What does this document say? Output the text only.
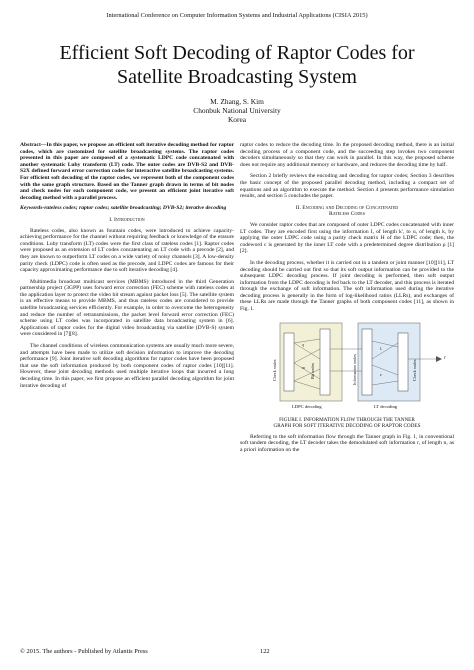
International Conference on Computer Information Systems and Industrial Applications (CISIA 2015)
Efficient Soft Decoding of Raptor Codes for
Satellite Broadcasting System
M. Zhang, S. Kim
Chonbuk National University
Korea

Abstract—In this paper, we propose an efficient soft iterative decoding method for raptor codes, which are customized for satellite broadcasting systems. The raptor codes presented in this paper are composed of a systematic LDPC code concatenated with another systematic Luby transform (LT) code. The outer codes are DVB-S2 and DVB-S2X defined forward error correction codes for interactive satellite broadcasting systems. For efficient soft decoding of the raptor codes, we represent both of the component codes with the same graph structure. Based on the Tanner graph drawn in terms of bit nodes and check nodes for each component code, we present an efficient joint iterative soft decoding method with a parallel process.

Keywords-rateless codes; raptor codes; satellite broadcasting; DVB-S2; iterative decoding

I. Introduction

Rateless codes, also known as fountain codes, were introduced to achieve capacity-achieving performance for the channel without requiring feedback or knowledge of the erasure conditions. Luby transform (LT) codes were the first class of rateless codes [1]. Raptor codes were proposed as an extension of LT codes concatenating an LT code with a precode [2], and they are known to outperform LT codes on a wide variety of noisy channels [3]. A low-density parity check (LDPC) code is often used as the precode, and LDPC codes are famous for their capacity approximating performance due to soft iterative decoding [4].

Multimedia broadcast multicast services (MBMS) introduced in the third Generation partnership project (3GPP) uses forward error correction (FEC) scheme with rateless codes at the application layer to protect the video bit stream against packet loss [5]. The satellite system is an effective means to provide MBMS, and thus rateless codes are considered to provide satellite broadcasting services efficiently. For example, in order to overcome the heterogeneity and reduce the number of retransmissions, the packet level forward error correction (FEC) scheme using LT codes was incorporated in satellite data broadcasting system in [6]. Applications of raptor codes for the digital video broadcasting via satellite (DVB-S) system were considered in [7][8].

The channel conditions of wireless communication systems are usually much more severe, and attempts have been made to utilize soft decision information to improve the decoding performance [9]. Joint iterative soft decoding algorithms for raptor codes have been proposed that use the soft information produced by both component codes of raptor codes [10][11]. However, these joint decoding methods used multiple iterative loops that incurred a long decoding time. In this paper, we first propose an efficient parallel decoding algorithm for joint iterative decoding of

raptor codes to reduce the decoding time. In the proposed decoding method, there is an initial decoding process of a component code, and the succeeding step invokes two component decoders simultaneously so that they can work in parallel. In this way, the proposed scheme does not require any additional memory or hardware, and reduces the decoding time by half.

Section 2 briefly reviews the encoding and decoding for raptor codes; Section 3 describes the basic concept of the proposed parallel decoding method, including a compact set of equations and an algorithm to execute the method. Section 4 presents performance simulation results, and section 5 concludes the paper.

II. Encoding and Decoding of Concatenated
Rateless Codes

We consider raptor codes that are composed of outer LDPC codes concatenated with inner LT codes. They are encoded first using the information I, of length k', to u, of length k, by applying the outer LDPC code using a parity check matrix H of the LDPC code; then, the codeword c is generated by the inner LT code with a predetermined degree distribution ρ [1][2].

In the decoding process, whether it is carried out in a tandem or joint manner [10][11], LT decoding should be carried out first so that its soft output information can be provided to the subsequent LDPC decoding process. If joint decoding is performed, then soft output information from the LDPC decoding is fed back to the LT decoder, and this process is iterated through the exchange of soft information. The soft information used during the iterative decoding process is generally in the form of log-likelihood ratios (LLRs), and exchanges of these LLRs are made through the Tanner graphs of both component codes [11], as shown in Fig. 1.

q
m
L
z
Check nodes	Bit nodes	Information nodes	Check nodes
r
LDPC decoding	LT decoding
FIGURE I. INFORMATION FLOW THROUGH THE TANNER
GRAPH FOR SOFT ITERATIVE DECODING OF RAPTOR CODES

Referring to the soft information flow through the Tanner graph in Fig. 1, in conventional soft tandem decoding, the LT decoder takes the demodulated soft information r, of length n, as a priori information on the

© 2015. The authors - Published by Atlantis Press	122
